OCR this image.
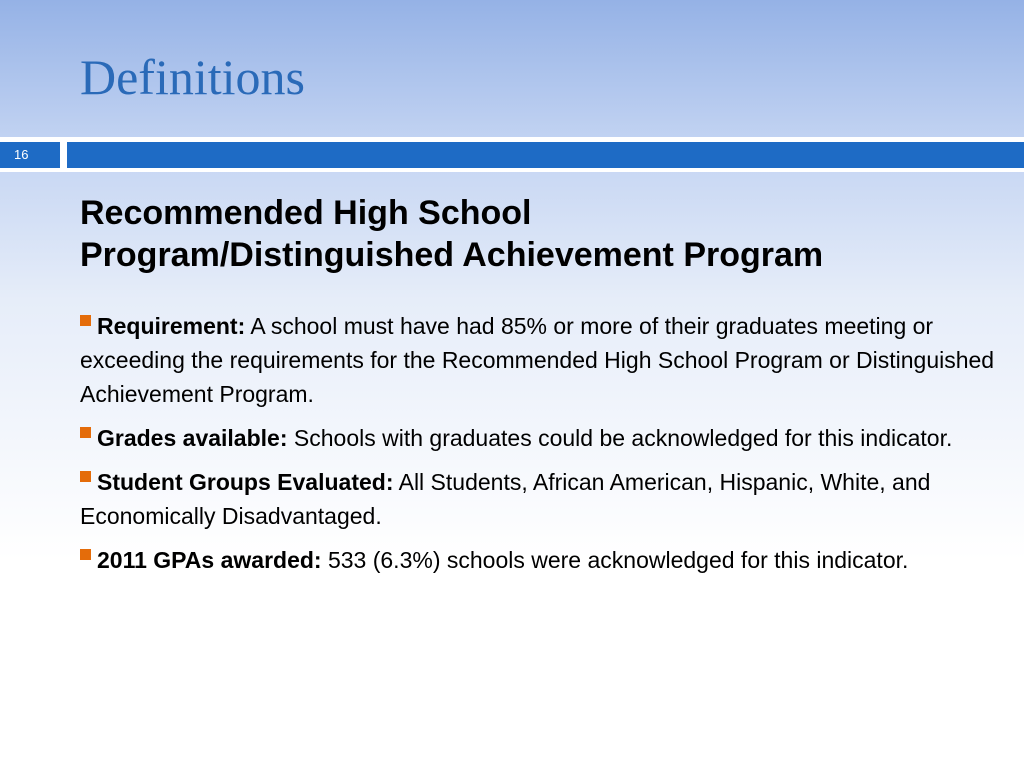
Definitions
16
Recommended High School
Program/Distinguished Achievement Program
Requirement: A school must have had 85% or more of their graduates meeting or exceeding the requirements for the Recommended High School Program or Distinguished Achievement Program.
Grades available: Schools with graduates could be acknowledged for this indicator.
Student Groups Evaluated: All Students, African American, Hispanic, White, and Economically Disadvantaged.
2011 GPAs awarded: 533 (6.3%) schools were acknowledged for this indicator.
